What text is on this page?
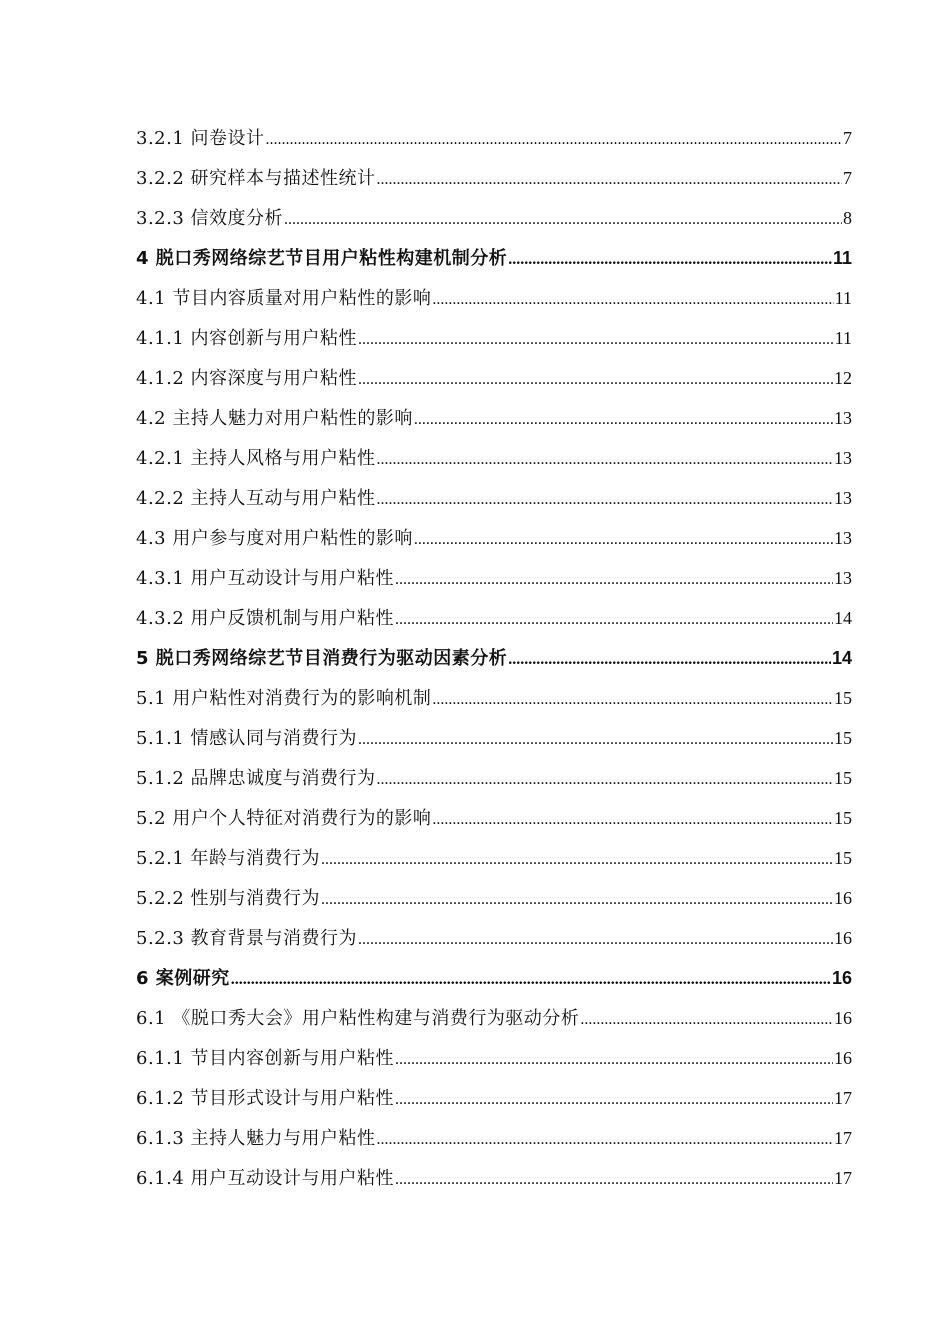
3.2.1 问卷设计 .....	7
3.2.2 研究样本与描述性统计 .....	7
3.2.3 信效度分析 .....	8
4 脱口秀网络综艺节目用户粘性构建机制分析 .....	11
4.1 节目内容质量对用户粘性的影响 .....	11
4.1.1 内容创新与用户粘性 .....	11
4.1.2 内容深度与用户粘性 .....	12
4.2 主持人魅力对用户粘性的影响 .....	13
4.2.1 主持人风格与用户粘性 .....	13
4.2.2 主持人互动与用户粘性 .....	13
4.3 用户参与度对用户粘性的影响 .....	13
4.3.1 用户互动设计与用户粘性 .....	13
4.3.2 用户反馈机制与用户粘性 .....	14
5 脱口秀网络综艺节目消费行为驱动因素分析 .....	14
5.1 用户粘性对消费行为的影响机制 .....	15
5.1.1 情感认同与消费行为 .....	15
5.1.2 品牌忠诚度与消费行为 .....	15
5.2 用户个人特征对消费行为的影响 .....	15
5.2.1 年龄与消费行为 .....	15
5.2.2 性别与消费行为 .....	16
5.2.3 教育背景与消费行为 .....	16
6 案例研究 .....	16
6.1 《脱口秀大会》用户粘性构建与消费行为驱动分析 .....	16
6.1.1 节目内容创新与用户粘性 .....	16
6.1.2 节目形式设计与用户粘性 .....	17
6.1.3 主持人魅力与用户粘性 .....	17
6.1.4 用户互动设计与用户粘性 .....	17
